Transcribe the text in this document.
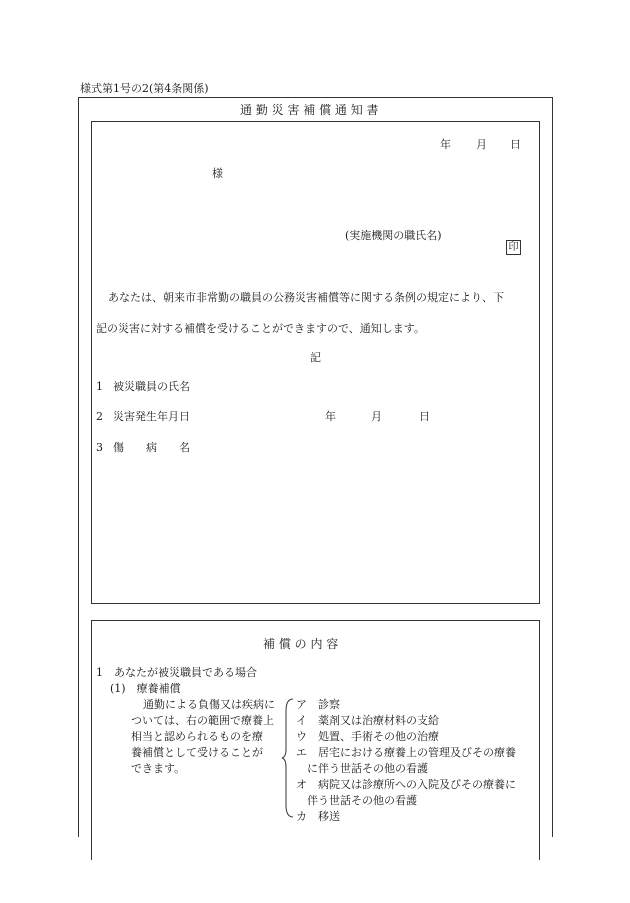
様式第1号の2(第4条関係)
通 勤 災 害 補 償 通 知 書
年 月 日
様
(実施機関の職氏名)
印
あなたは、朝来市非常勤の職員の公務災害補償等に関する条例の規定により、下
記の災害に対する補償を受けることができますので、通知します。
記
1 被災職員の氏名
2 災害発生年月日	年	月	日
3 傷　　病　　名
補 償 の 内 容
1　あなたが被災職員である場合
(1)　療養補償
通勤による負傷又は疾病に
ついては、右の範囲で療養上
相当と認められるものを療
養補償として受けることが
できます。
ア　診察
イ　薬剤又は治療材料の支給
ウ　処置、手術その他の治療
エ　居宅における療養上の管理及びその療養
　に伴う世話その他の看護
オ　病院又は診療所への入院及びその療養に
　伴う世話その他の看護
カ　移送
